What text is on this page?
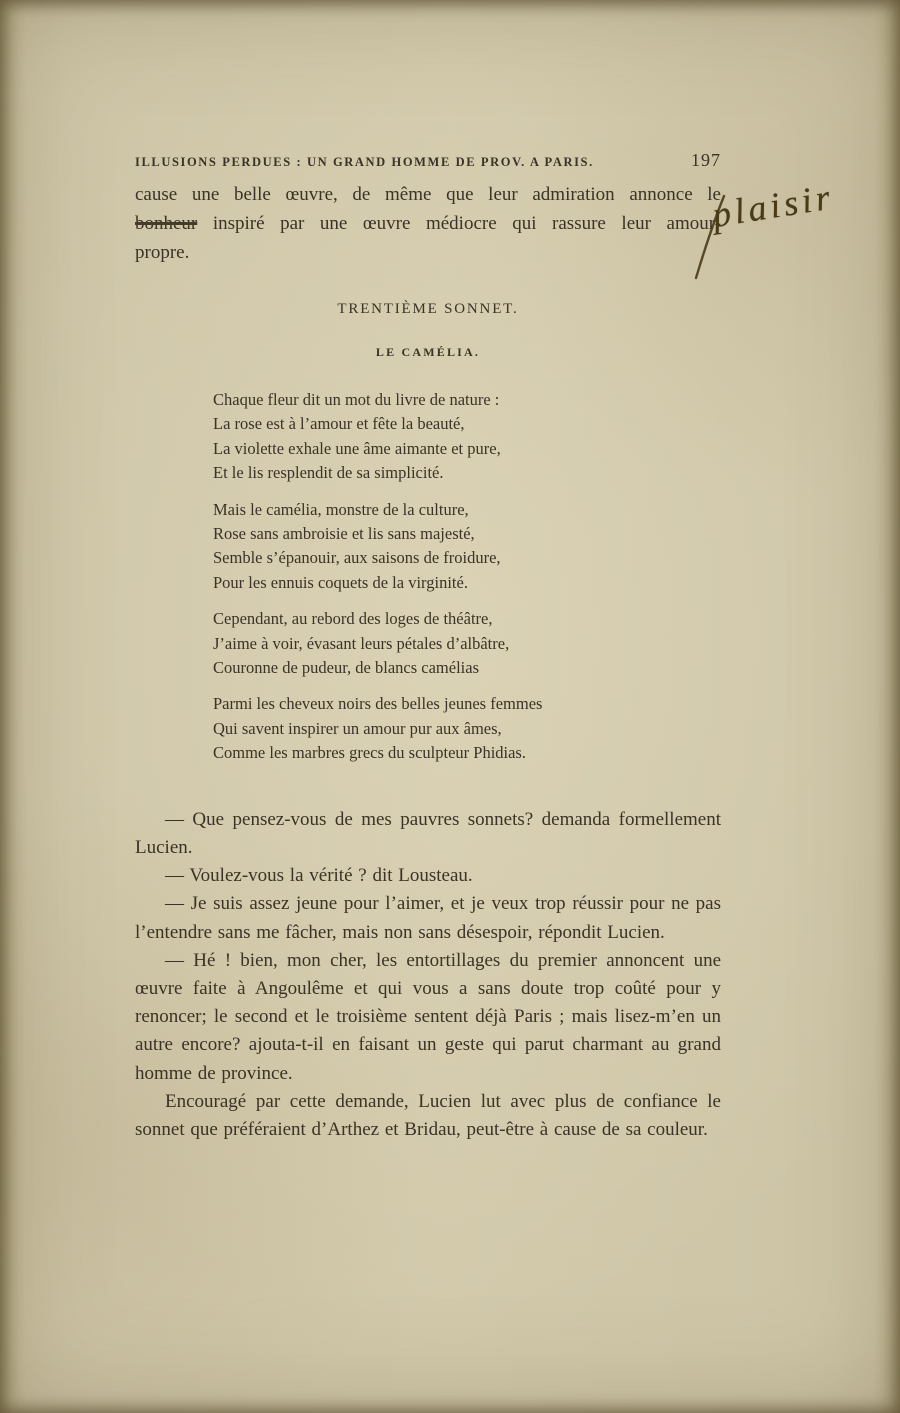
ILLUSIONS PERDUES : UN GRAND HOMME DE PROV. A PARIS.	197
cause une belle œuvre, de même que leur admiration annonce le
bonheur inspiré par une œuvre médiocre qui rassure leur amour-
propre.
TRENTIÈME SONNET.
LE CAMÉLIA.
Chaque fleur dit un mot du livre de nature :
La rose est à l’amour et fête la beauté,
La violette exhale une âme aimante et pure,
Et le lis resplendit de sa simplicité.
Mais le camélia, monstre de la culture,
Rose sans ambroisie et lis sans majesté,
Semble s’épanouir, aux saisons de froidure,
Pour les ennuis coquets de la virginité.
Cependant, au rebord des loges de théâtre,
J’aime à voir, évasant leurs pétales d’albâtre,
Couronne de pudeur, de blancs camélias
Parmi les cheveux noirs des belles jeunes femmes
Qui savent inspirer un amour pur aux âmes,
Comme les marbres grecs du sculpteur Phidias.

— Que pensez-vous de mes pauvres sonnets? demanda formellement Lucien.

— Voulez-vous la vérité ? dit Lousteau.

— Je suis assez jeune pour l’aimer, et je veux trop réussir pour ne pas l’entendre sans me fâcher, mais non sans désespoir, répondit Lucien.

— Hé ! bien, mon cher, les entortillages du premier annoncent une œuvre faite à Angoulême et qui vous a sans doute trop coûté pour y renoncer; le second et le troisième sentent déjà Paris ; mais lisez-m’en un autre encore? ajouta-t-il en faisant un geste qui parut charmant au grand homme de province.

Encouragé par cette demande, Lucien lut avec plus de confiance le sonnet que préféraient d’Arthez et Bridau, peut-être à cause de sa couleur.

plaisir
